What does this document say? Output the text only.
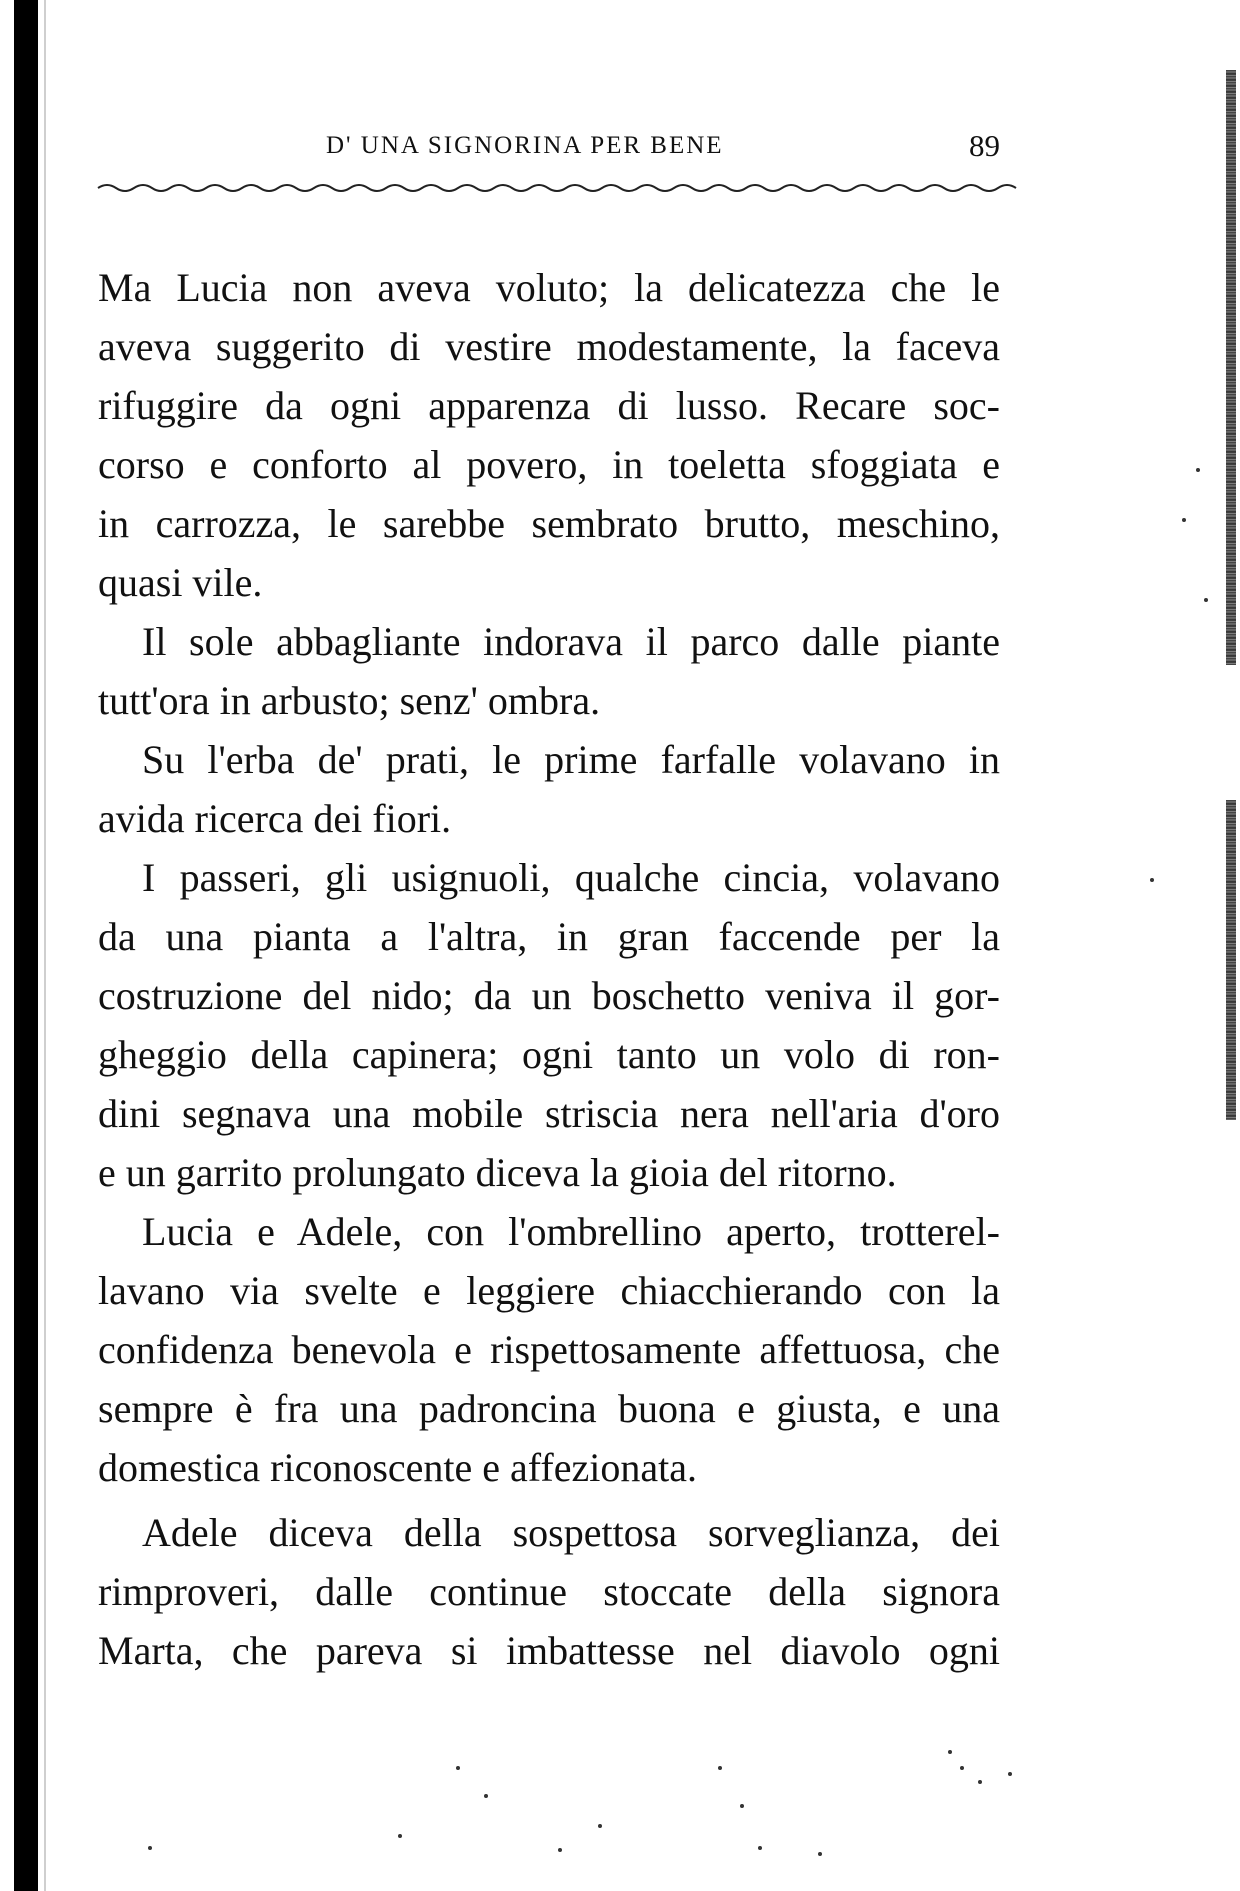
D' UNA SIGNORINA PER BENE	89
Ma Lucia non aveva voluto; la delicatezza che le
aveva suggerito di vestire modestamente, la faceva
rifuggire da ogni apparenza di lusso. Recare soc-
corso e conforto al povero, in toeletta sfoggiata e
in carrozza, le sarebbe sembrato brutto, meschino,
quasi vile.
Il sole abbagliante indorava il parco dalle piante
tutt'ora in arbusto; senz' ombra.
Su l'erba de' prati, le prime farfalle volavano in
avida ricerca dei fiori.
I passeri, gli usignuoli, qualche cincia, volavano
da una pianta a l'altra, in gran faccende per la
costruzione del nido; da un boschetto veniva il gor-
gheggio della capinera; ogni tanto un volo di ron-
dini segnava una mobile striscia nera nell'aria d'oro
e un garrito prolungato diceva la gioia del ritorno.
Lucia e Adele, con l'ombrellino aperto, trotterel-
lavano via svelte e leggiere chiacchierando con la
confidenza benevola e rispettosamente affettuosa, che
sempre è fra una padroncina buona e giusta, e una
domestica riconoscente e affezionata.
Adele diceva della sospettosa sorveglianza, dei
rimproveri, dalle continue stoccate della signora
Marta, che pareva si imbattesse nel diavolo ogni
